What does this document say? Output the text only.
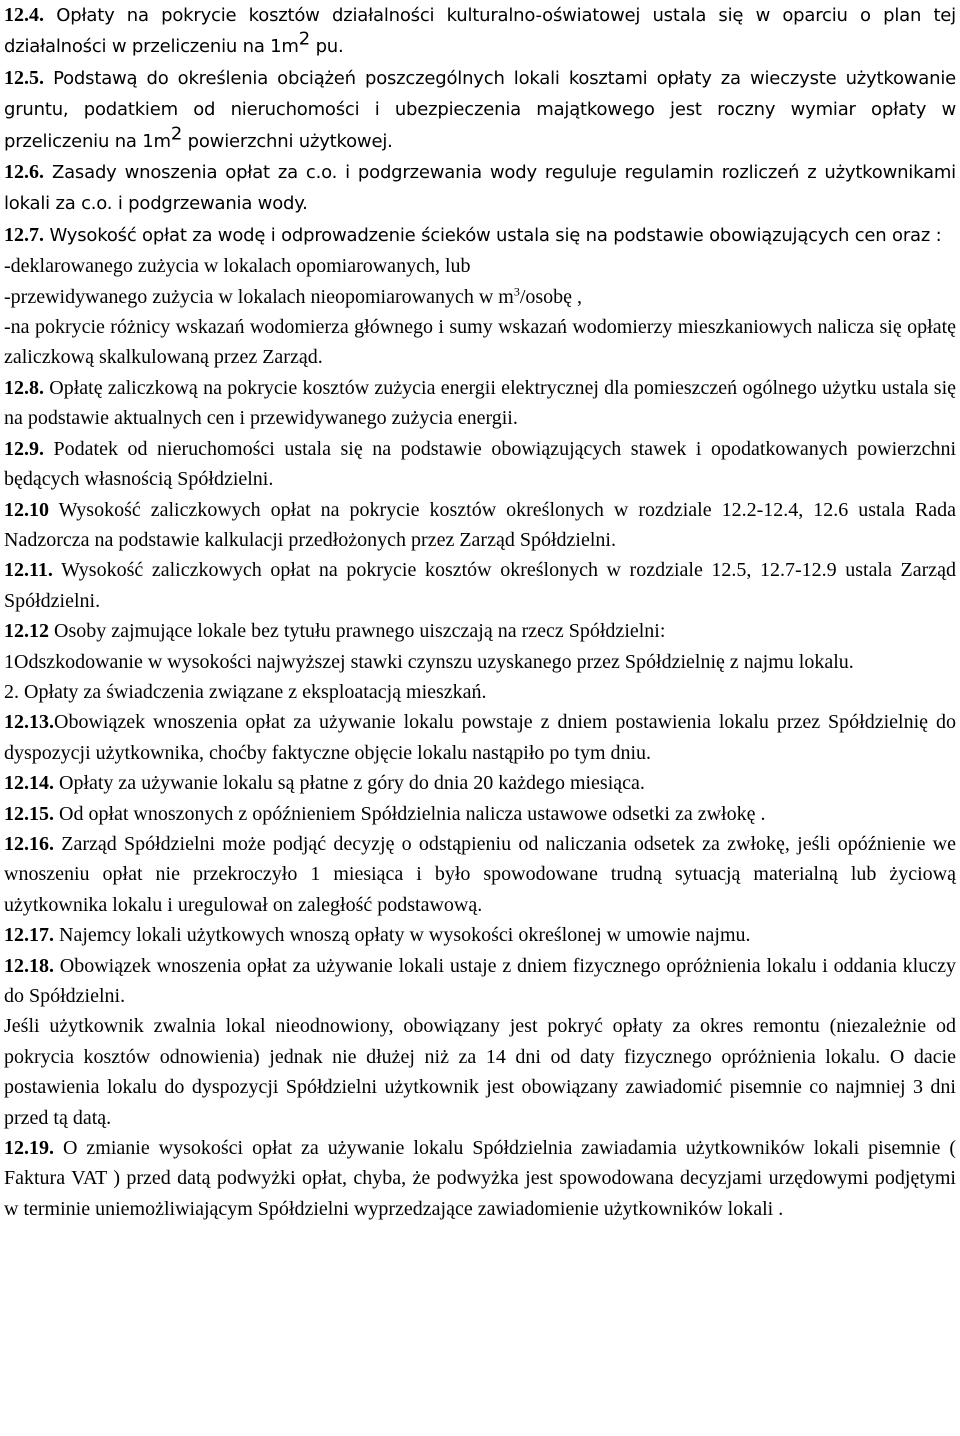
12.4. Opłaty na pokrycie kosztów działalności kulturalno-oświatowej ustala się w oparciu o plan tej działalności w przeliczeniu na $1m^2$ pu.

12.5. Podstawą do określenia obciążeń poszczególnych lokali kosztami opłaty za wieczyste użytkowanie gruntu, podatkiem od nieruchomości i ubezpieczenia majątkowego jest roczny wymiar opłaty w przeliczeniu na $1m^2$ powierzchni użytkowej.

12.6. Zasady wnoszenia opłat za c.o. i podgrzewania wody reguluje regulamin rozliczeń z użytkownikami lokali za c.o. i podgrzewania wody.

12.7. Wysokość opłat za wodę i odprowadzenie ścieków ustala się na podstawie obowiązujących cen oraz :

-deklarowanego zużycia w lokalach opomiarowanych, lub

-przewidywanego zużycia w lokalach nieopomiarowanych w $m^3$/osobę ,

-na pokrycie różnicy wskazań wodomierza głównego i sumy wskazań wodomierzy mieszkaniowych nalicza się opłatę zaliczkową skalkulowaną przez Zarząd.

12.8. Opłatę zaliczkową na pokrycie kosztów zużycia energii elektrycznej dla pomieszczeń ogólnego użytku ustala się na podstawie aktualnych cen i przewidywanego zużycia energii.

12.9. Podatek od nieruchomości ustala się na podstawie obowiązujących stawek i opodatkowanych powierzchni będących własnością Spółdzielni.

12.10 Wysokość zaliczkowych opłat na pokrycie kosztów określonych w rozdziale 12.2-12.4, 12.6 ustala Rada Nadzorcza na podstawie kalkulacji przedłożonych przez Zarząd Spółdzielni.

12.11. Wysokość zaliczkowych opłat na pokrycie kosztów określonych w rozdziale 12.5, 12.7-12.9 ustala Zarząd Spółdzielni.

12.12 Osoby zajmujące lokale bez tytułu prawnego uiszczają na rzecz Spółdzielni:

1Odszkodowanie w wysokości najwyższej stawki czynszu uzyskanego przez Spółdzielnię z najmu lokalu.

2. Opłaty za świadczenia związane z eksploatacją mieszkań.

12.13.Obowiązek wnoszenia opłat za używanie lokalu powstaje z dniem postawienia lokalu przez Spółdzielnię do dyspozycji użytkownika, choćby faktyczne objęcie lokalu nastąpiło po tym dniu.

12.14. Opłaty za używanie lokalu są płatne z góry do dnia 20 każdego miesiąca.

12.15. Od opłat wnoszonych z opóźnieniem Spółdzielnia nalicza ustawowe odsetki za zwłokę .

12.16. Zarząd Spółdzielni może podjąć decyzję o odstąpieniu od naliczania odsetek za zwłokę, jeśli opóźnienie we wnoszeniu opłat nie przekroczyło 1 miesiąca i było spowodowane trudną sytuacją materialną lub życiową użytkownika lokalu i uregulował on zaległość podstawową.

12.17. Najemcy lokali użytkowych wnoszą opłaty w wysokości określonej w umowie najmu.

12.18. Obowiązek wnoszenia opłat za używanie lokali ustaje z dniem fizycznego opróżnienia lokalu i oddania kluczy do Spółdzielni.

Jeśli użytkownik zwalnia lokal nieodnowiony, obowiązany jest pokryć opłaty za okres remontu (niezależnie od pokrycia kosztów odnowienia) jednak nie dłużej niż za 14 dni od daty fizycznego opróżnienia lokalu. O dacie postawienia lokalu do dyspozycji Spółdzielni użytkownik jest obowiązany zawiadomić pisemnie co najmniej 3 dni przed tą datą.

12.19. O zmianie wysokości opłat za używanie lokalu Spółdzielnia zawiadamia użytkowników lokali pisemnie ( Faktura VAT ) przed datą podwyżki opłat, chyba, że podwyżka jest spowodowana decyzjami urzędowymi podjętymi w terminie uniemożliwiającym Spółdzielni wyprzedzające zawiadomienie użytkowników lokali .
